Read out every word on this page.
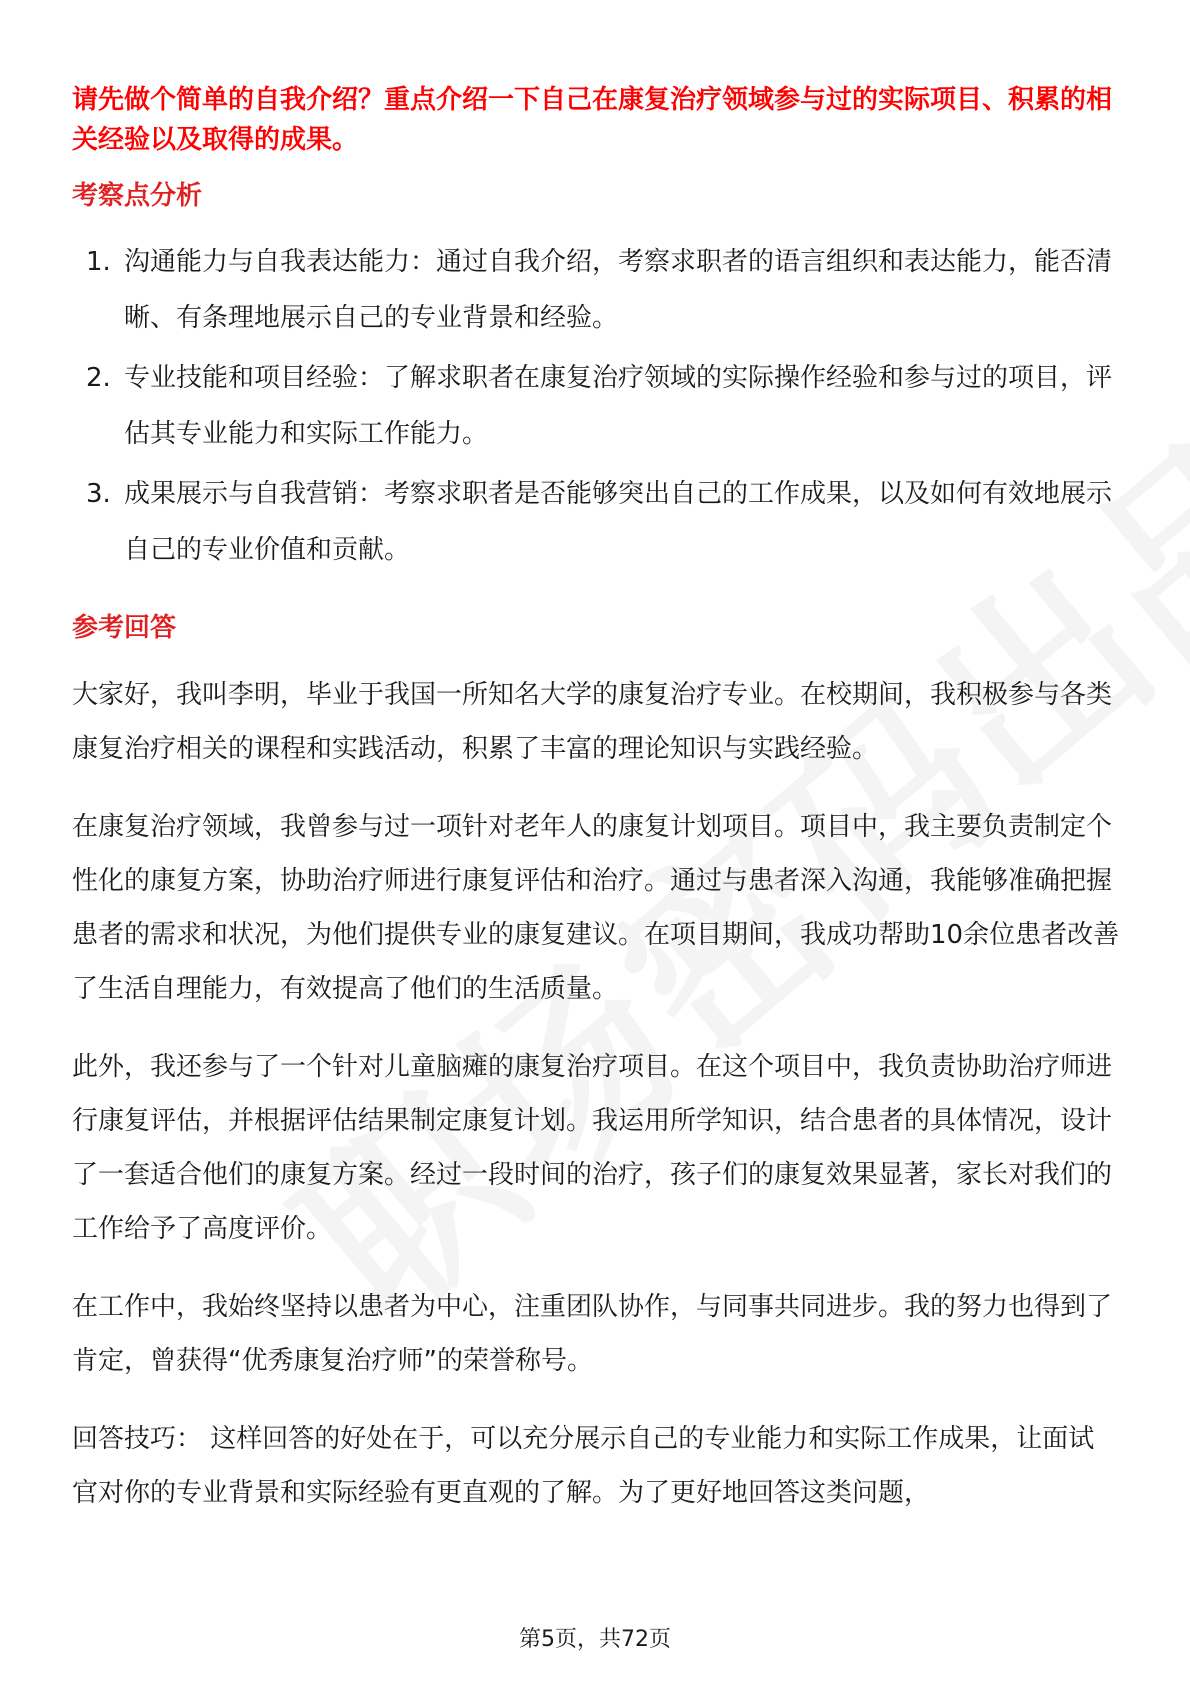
请先做个简单的自我介绍？重点介绍一下自己在康复治疗领域参与过的实际项目、积累的相关经验以及取得的成果。

考察点分析
1. 沟通能力与自我表达能力：通过自我介绍，考察求职者的语言组织和表达能力，能否清晰、有条理地展示自己的专业背景和经验。
2. 专业技能和项目经验：了解求职者在康复治疗领域的实际操作经验和参与过的项目，评估其专业能力和实际工作能力。
3. 成果展示与自我营销：考察求职者是否能够突出自己的工作成果，以及如何有效地展示自己的专业价值和贡献。
参考回答

大家好，我叫李明，毕业于我国一所知名大学的康复治疗专业。在校期间，我积极参与各类康复治疗相关的课程和实践活动，积累了丰富的理论知识与实践经验。

在康复治疗领域，我曾参与过一项针对老年人的康复计划项目。项目中，我主要负责制定个性化的康复方案，协助治疗师进行康复评估和治疗。通过与患者深入沟通，我能够准确把握患者的需求和状况，为他们提供专业的康复建议。在项目期间，我成功帮助10余位患者改善了生活自理能力，有效提高了他们的生活质量。

此外，我还参与了一个针对儿童脑瘫的康复治疗项目。在这个项目中，我负责协助治疗师进行康复评估，并根据评估结果制定康复计划。我运用所学知识，结合患者的具体情况，设计了一套适合他们的康复方案。经过一段时间的治疗，孩子们的康复效果显著，家长对我们的工作给予了高度评价。

在工作中，我始终坚持以患者为中心，注重团队协作，与同事共同进步。我的努力也得到了肯定，曾获得“优秀康复治疗师”的荣誉称号。

回答技巧： 这样回答的好处在于，可以充分展示自己的专业能力和实际工作成果，让面试官对你的专业背景和实际经验有更直观的了解。为了更好地回答这类问题，

第5页，共72页
